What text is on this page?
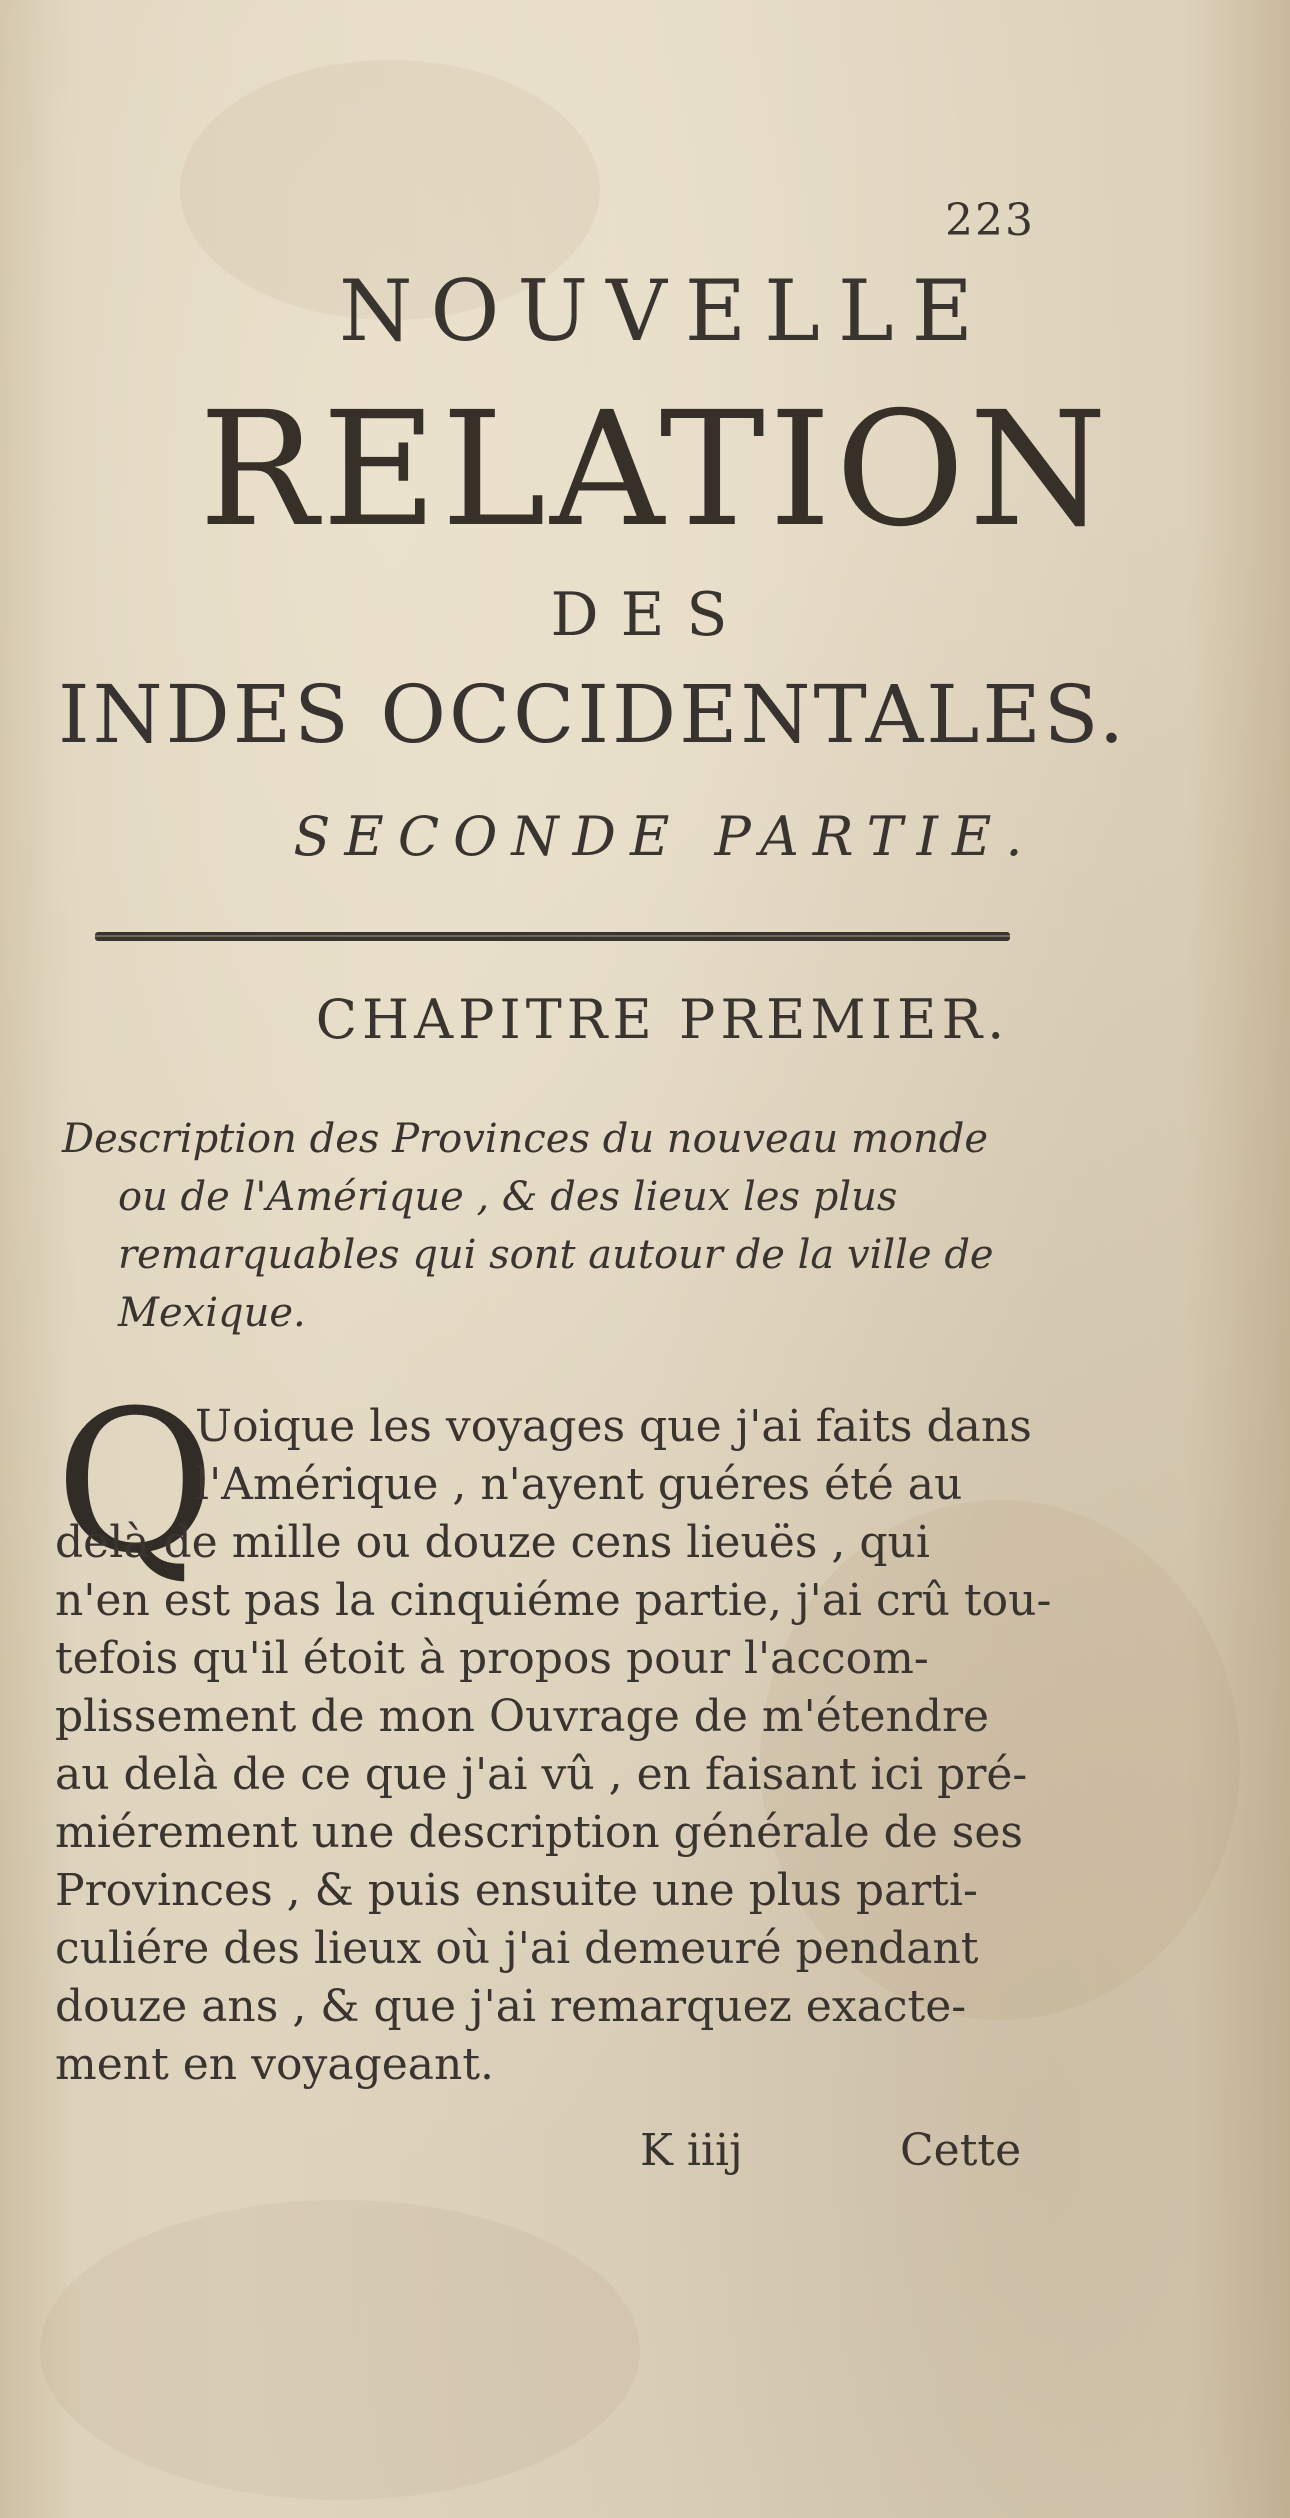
223

NOUVELLE
RELATION
DES
INDES OCCIDENTALES.
SECONDE PARTIE.
CHAPITRE PREMIER.
Description des Provinces du nouveau monde
ou de l'Amérique , & des lieux les plus
remarquables qui sont autour de la ville de
Mexique.

Q

Uoique les voyages que j'ai faits dans

l'Amérique , n'ayent guéres été au

delà de mille ou douze cens lieuës , qui

n'en est pas la cinquiéme partie, j'ai crû tou-

tefois qu'il étoit à propos pour l'accom-

plissement de mon Ouvrage de m'étendre

au delà de ce que j'ai vû , en faisant ici pré-

miérement une description générale de ses

Provinces , & puis ensuite une plus parti-

culiére des lieux où j'ai demeuré pendant

douze ans , & que j'ai remarquez exacte-

ment en voyageant.

K iiij	Cette
